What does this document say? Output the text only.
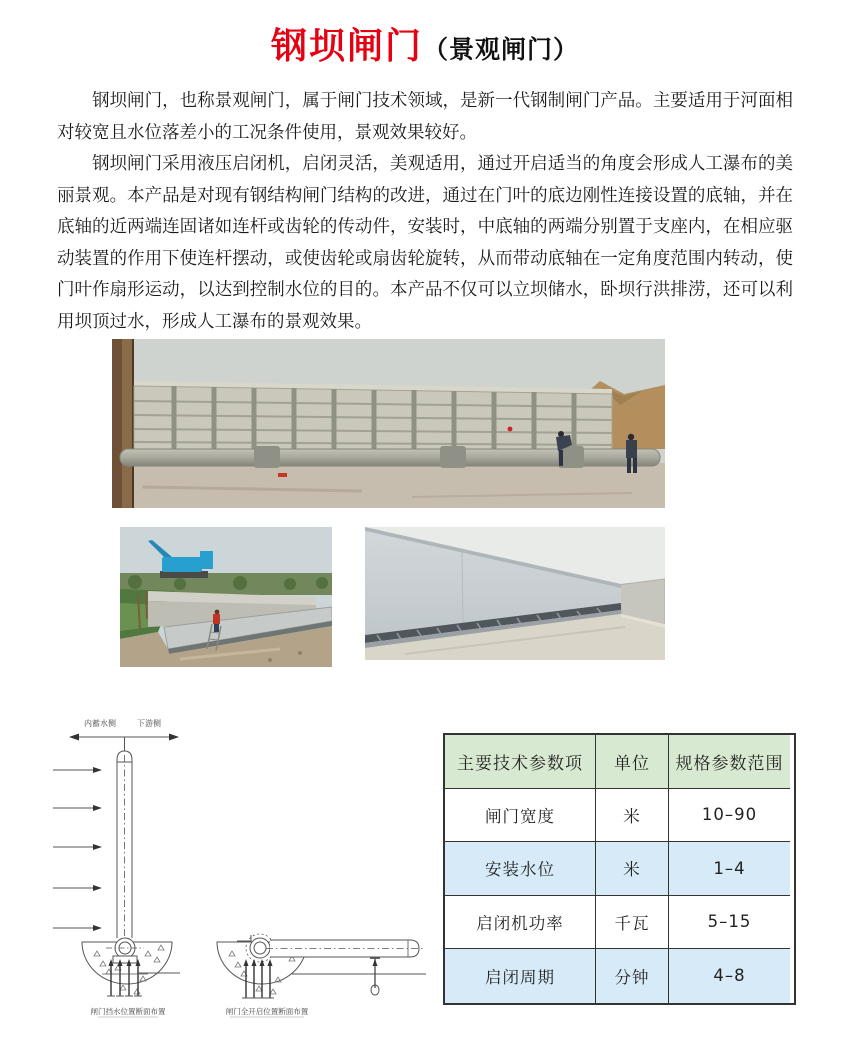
钢坝闸门（景观闸门）

钢坝闸门，也称景观闸门，属于闸门技术领域，是新一代钢制闸门产品。主要适用于河面相对较宽且水位落差小的工况条件使用，景观效果较好。

钢坝闸门采用液压启闭机，启闭灵活，美观适用，通过开启适当的角度会形成人工瀑布的美丽景观。本产品是对现有钢结构闸门结构的改进，通过在门叶的底边刚性连接设置的底轴，并在底轴的近两端连固诸如连杆或齿轮的传动件，安装时，中底轴的两端分别置于支座内，在相应驱动装置的作用下使连杆摆动，或使齿轮或扇齿轮旋转，从而带动底轴在一定角度范围内转动，使门叶作扇形运动，以达到控制水位的目的。本产品不仅可以立坝储水，卧坝行洪排涝，还可以利用坝顶过水，形成人工瀑布的景观效果。

内蓄水侧	下游侧
闸门挡水位置断面布置	闸门全开启位置断面布置
主要技术参数项	单位	规格参数范围
闸门宽度	米	10–90
安装水位	米	1–4
启闭机功率	千瓦	5–15
启闭周期	分钟	4–8
